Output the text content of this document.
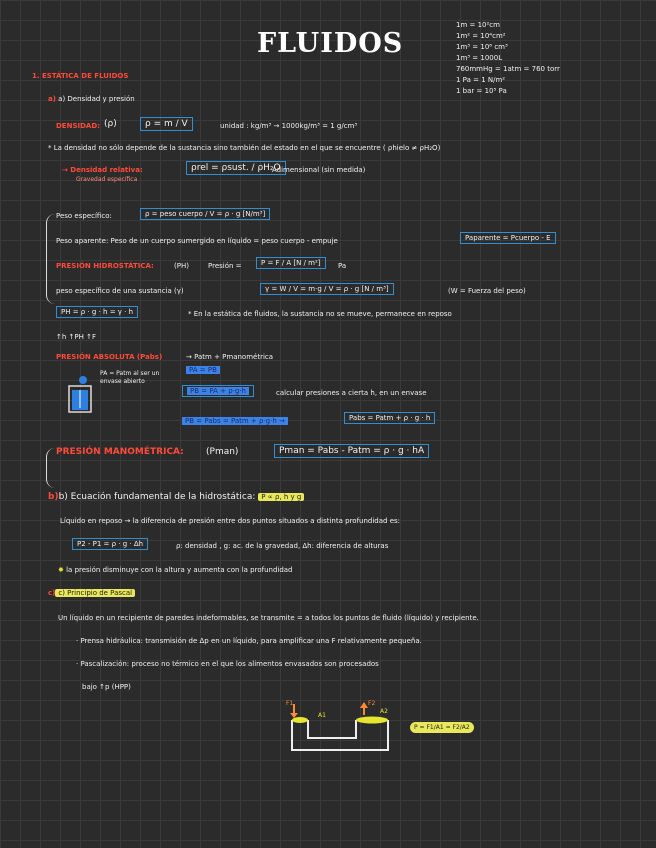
FLUIDOS
1m = 10²cm
1m² = 10⁴cm²
1m³ = 10⁶ cm³
1m³ = 1000L
760mmHg = 1atm = 760 torr
1 Pa = 1 N/m²
1 bar = 10⁵ Pa
1. ESTÁTICA DE FLUIDOS
a) a) Densidad y presión
DENSIDAD: (ρ)	ρ = m / V	unidad : kg/m³ → 1000kg/m³ = 1 g/cm³
* La densidad no sólo depende de la sustancia sino también del estado en el que se encuentre ( ρhielo ≠ ρH₂O)
→ Densidad relativa:
Gravedad específica
ρrel = ρsust. / ρH₂O
Adimensional (sin medida)
Peso específico:	ρ = peso cuerpo / V = ρ · g [N/m³]
Peso aparente: Peso de un cuerpo sumergido en líquido = peso cuerpo - empuje	Paparente = Pcuerpo - E
PRESIÓN HIDROSTÁTICA:	(PH)	Presión =	P = F / A [N / m²]	Pa
peso específico de una sustancia (γ)	γ = W / V = m·g / V = ρ · g [N / m³]	(W = Fuerza del peso)
PH = ρ · g · h = γ · h	* En la estática de fluidos, la sustancia no se mueve, permanece en reposo
↑h ↑PH ↑F
PRESIÓN ABSOLUTA (Pabs)	→ Patm + Pmanométrica
PA = PB
PA = Patm al ser un envase abierto
PB = PA + ρ·g·h	calcular presiones a cierta h, en un envase
PB = Pabs = Patm + ρ·g·h →	Pabs = Patm + ρ · g · h
PRESIÓN MANOMÉTRICA: (Pman)	Pman = Pabs - Patm = ρ · g · hA
b)b) Ecuación fundamental de la hidrostática: P ∝ ρ, h y g
Líquido en reposo → la diferencia de presión entre dos puntos situados a distinta profundidad es:
P2 - P1 = ρ · g · Δh	ρ: densidad , g: ac. de la gravedad, Δh: diferencia de alturas
✸ la presión disminuye con la altura y aumenta con la profundidad
c) c) Principio de Pascal
Un líquido en un recipiente de paredes indeformables, se transmite = a todos los puntos de fluido (líquido) y recipiente.
· Prensa hidráulica: transmisión de Δp en un líquido, para amplificar una F relativamente pequeña.
· Pascalización: proceso no térmico en el que los alimentos envasados son procesados
bajo ↑p (HPP)
F1
A1
F2
A2
P = F1/A1 = F2/A2
